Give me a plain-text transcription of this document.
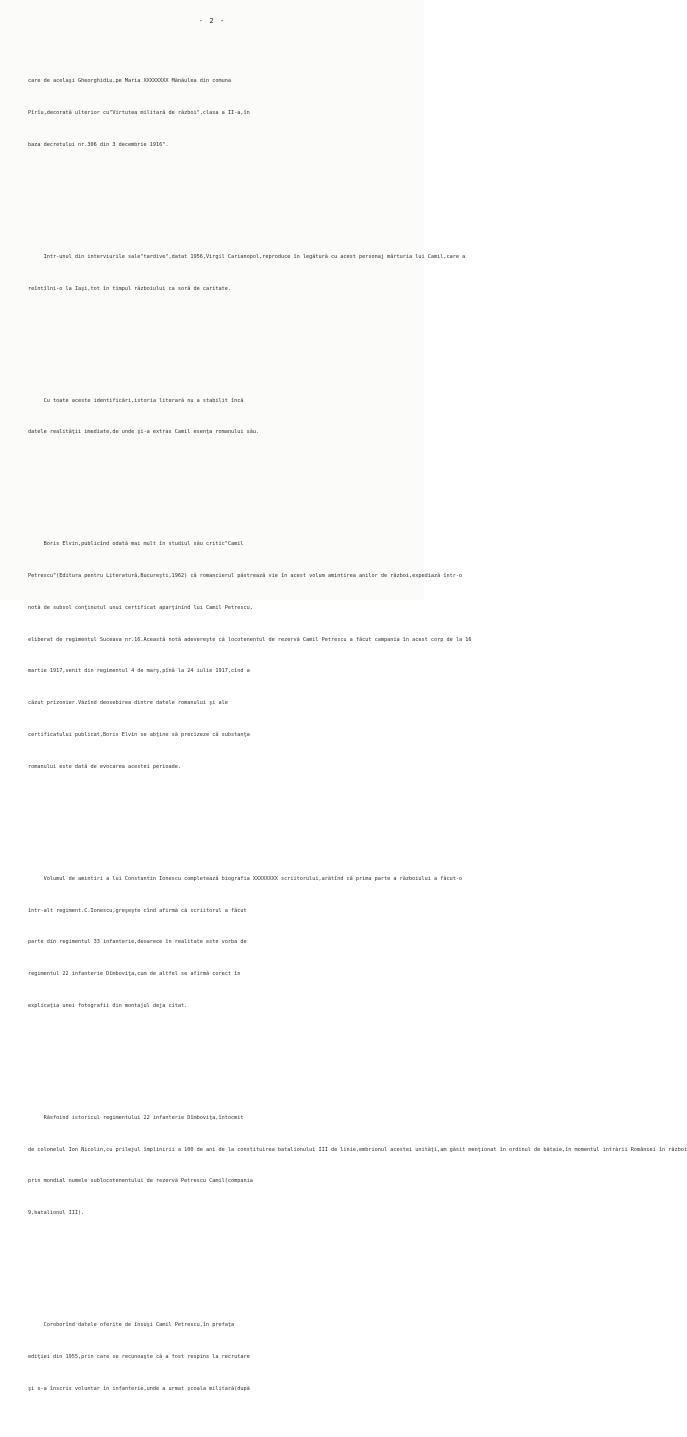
- 2 -

care de acelaşi Gheorghidiu,pe Maria XXXXXXXX Mănăulea din comuna

Pîrîu,decorată ulterior cu"Virtutea militară de război",clasa a II-a,în

baza decretului nr.306 din 3 decembrie 1916".

Intr-unul din interviurile sale"tardive",datat 1956,Virgil Carianopol,reproduce în legătură cu acest personaj mărturia lui Camil,care a

reîntîlni-o la Iaşi,tot în timpul războiului ca soră de caritate.

Cu toate aceste identificări,istoria literară nu a stabilit încă

datele realităţii imediate,de unde şi-a extras Camil esenţa romanului său.

Boris Elvin,publicînd odată mai mult în studiul său critic"Camil

Petrescu"(Editura pentru Literatură,Bucureşti,1962) că romancierul păstrează vie în acest volum amintirea anilor de război,expediază într-o

notă de subsol conţinutul unui certificat aparţinînd lui Camil Petrescu,

eliberat de regimentul Suceava nr.16.Această notă adevereşte că locotenentul de rezervă Camil Petrescu a făcut campania în acest corp de la 16

martie 1917,venit din regimentul 4 de marş,pînă la 24 iulie 1917,cînd a

căzut prizonier.Văzînd deosebirea dintre datele romanului şi ale

certificatului publicat,Boris Elvin se abţine să precizeze că substanţa

romanului este dată de evocarea acestei perioade.

Volumul de amintiri a lui Constantin Ionescu completează biografia XXXXXXXX scriitorului,arătînd că prima parte a războiului a făcut-o

într-alt regiment.C.Ionescu,greşeşte cînd afirmă că scriitorul a făcut

parte din regimentul 33 infanterie,deoarece în realitate este vorba de

regimentul 22 infanterie Dîmboviţa,cum de altfel se afirmă corect în

explicaţia unei fotografii din montajul deja citat.

Răsfoind istoricul regimentului 22 infanterie Dîmboviţa,întocmit

de colonelul Ion Nicolin,cu prilejul împlinirii a 100 de ani de la constituirea batalionului III de linie,embrionul acestei unităţi,am găsit menţionat în ordinul de bătaie,în momentul intrării României în război

prin mondial numele sublocotenentului de rezervă Petrescu Camil(compania

9,batalionul III).

Coroborînd datele oferite de însuşi Camil Petrescu,în prefaţa

ediţiei din 1955,prin care se recunoaşte că a fost respins la recrutare

şi s-a înscris voluntar în infanterie,unde a urmat şcoala militară(după
